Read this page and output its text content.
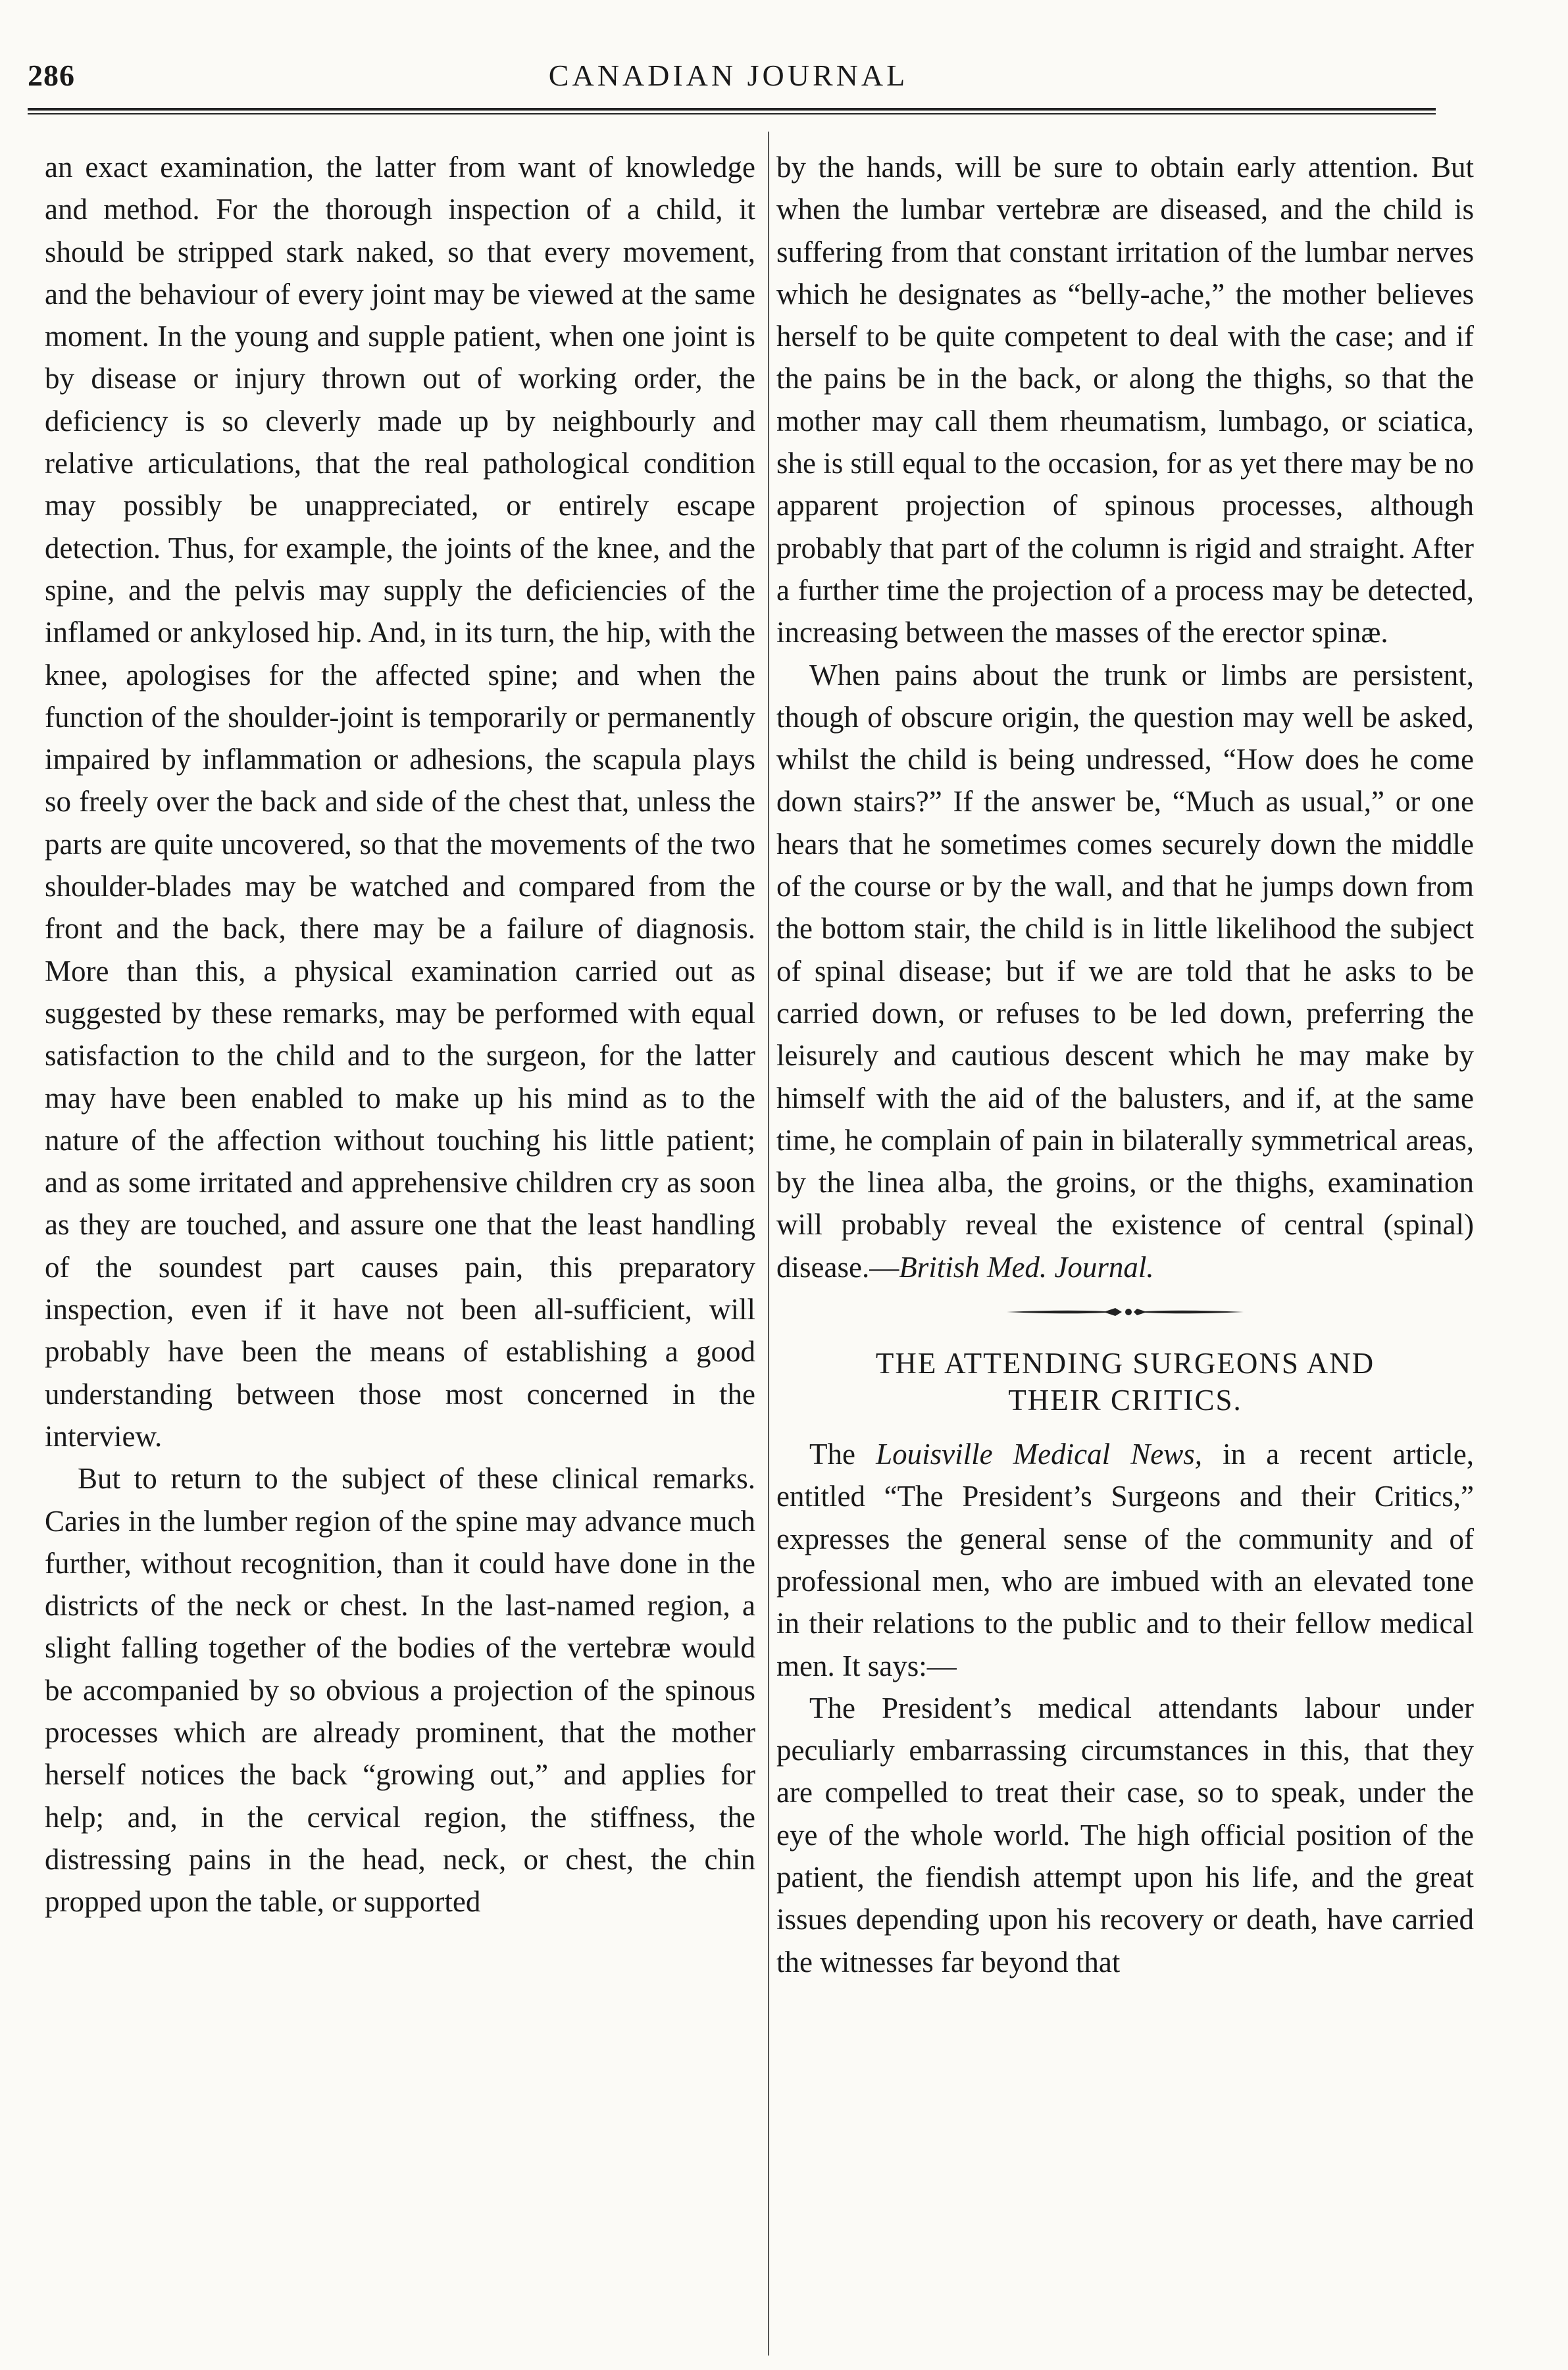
286	CANADIAN JOURNAL

an exact examination, the latter from want of knowledge and method. For the thorough inspection of a child, it should be stripped stark naked, so that every movement, and the behaviour of every joint may be viewed at the same moment. In the young and supple patient, when one joint is by disease or injury thrown out of working order, the deficiency is so cleverly made up by neighbourly and relative articulations, that the real pathological condition may possibly be unappreciated, or entirely escape detection. Thus, for example, the joints of the knee, and the spine, and the pelvis may supply the deficiencies of the inflamed or ankylosed hip. And, in its turn, the hip, with the knee, apologises for the affected spine; and when the function of the shoulder-joint is temporarily or permanently impaired by inflammation or adhesions, the scapula plays so freely over the back and side of the chest that, unless the parts are quite uncovered, so that the movements of the two shoulder-blades may be watched and compared from the front and the back, there may be a failure of diagnosis. More than this, a physical examination carried out as suggested by these remarks, may be performed with equal satisfaction to the child and to the surgeon, for the latter may have been enabled to make up his mind as to the nature of the affection without touching his little patient; and as some irritated and apprehensive children cry as soon as they are touched, and assure one that the least handling of the soundest part causes pain, this preparatory inspection, even if it have not been all-sufficient, will probably have been the means of establishing a good understanding between those most concerned in the interview.

But to return to the subject of these clinical remarks. Caries in the lumber region of the spine may advance much further, without recognition, than it could have done in the districts of the neck or chest. In the last-named region, a slight falling together of the bodies of the vertebræ would be accompanied by so obvious a projection of the spinous processes which are already prominent, that the mother herself notices the back “growing out,” and applies for help; and, in the cervical region, the stiffness, the distressing pains in the head, neck, or chest, the chin propped upon the table, or supported

by the hands, will be sure to obtain early attention. But when the lumbar vertebræ are diseased, and the child is suffering from that constant irritation of the lumbar nerves which he designates as “belly-ache,” the mother believes herself to be quite competent to deal with the case; and if the pains be in the back, or along the thighs, so that the mother may call them rheumatism, lumbago, or sciatica, she is still equal to the occasion, for as yet there may be no apparent projection of spinous processes, although probably that part of the column is rigid and straight. After a further time the projection of a process may be detected, increasing between the masses of the erector spinæ.

When pains about the trunk or limbs are persistent, though of obscure origin, the question may well be asked, whilst the child is being undressed, “How does he come down stairs?” If the answer be, “Much as usual,” or one hears that he sometimes comes securely down the middle of the course or by the wall, and that he jumps down from the bottom stair, the child is in little likelihood the subject of spinal disease; but if we are told that he asks to be carried down, or refuses to be led down, preferring the leisurely and cautious descent which he may make by himself with the aid of the balusters, and if, at the same time, he complain of pain in bilaterally symmetrical areas, by the linea alba, the groins, or the thighs, examination will probably reveal the existence of central (spinal) disease.—British Med. Journal.

THE ATTENDING SURGEONS AND
THEIR CRITICS.

The Louisville Medical News, in a recent article, entitled “The President’s Surgeons and their Critics,” expresses the general sense of the community and of professional men, who are imbued with an elevated tone in their relations to the public and to their fellow medical men. It says:—

The President’s medical attendants labour under peculiarly embarrassing circumstances in this, that they are compelled to treat their case, so to speak, under the eye of the whole world. The high official position of the patient, the fiendish attempt upon his life, and the great issues depending upon his recovery or death, have carried the witnesses far beyond that
